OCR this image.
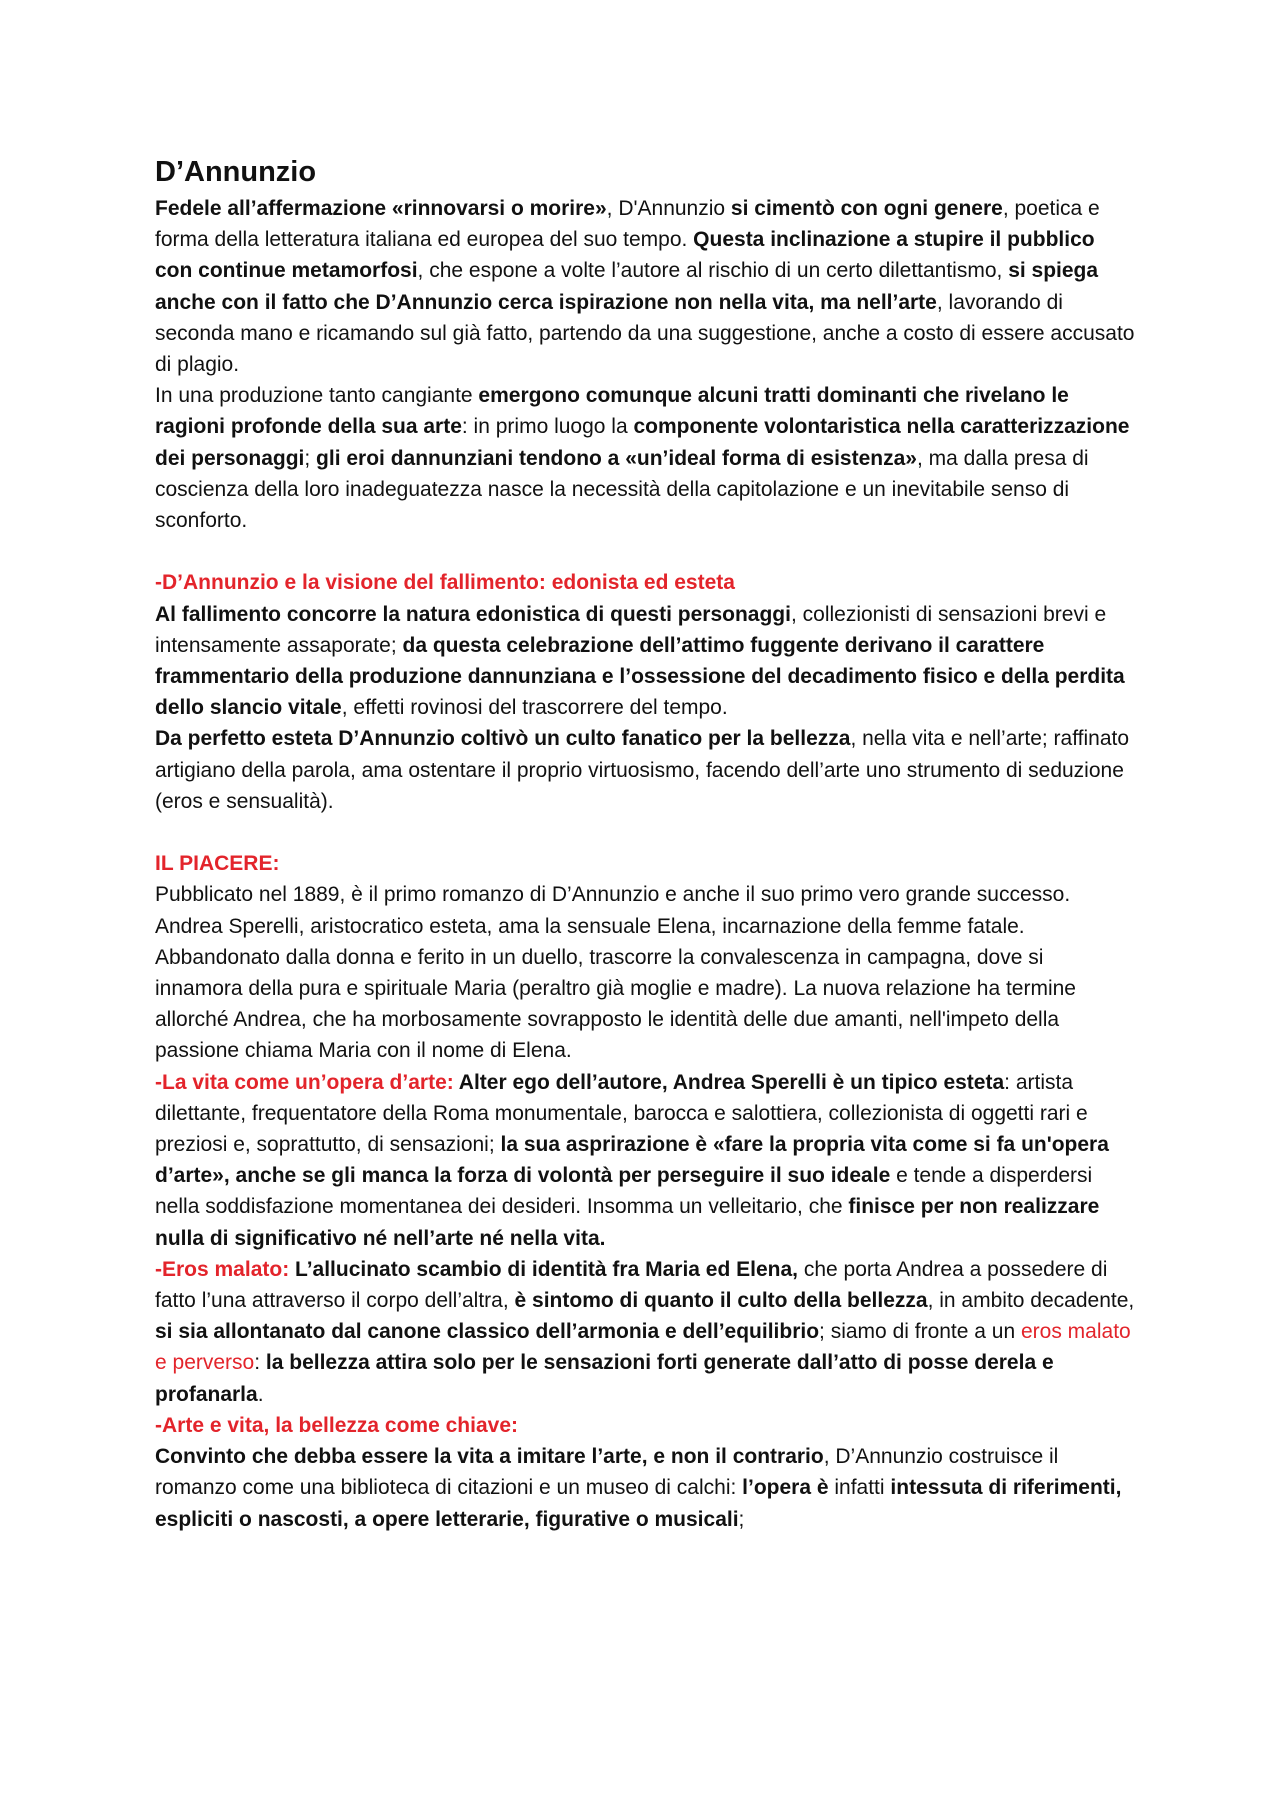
D’Annunzio

Fedele all’affermazione «rinnovarsi o morire», D'Annunzio si cimentò con ogni genere, poetica e forma della letteratura italiana ed europea del suo tempo. Questa inclinazione a stupire il pubblico con continue metamorfosi, che espone a volte l’autore al rischio di un certo dilettantismo, si spiega anche con il fatto che D’Annunzio cerca ispirazione non nella vita, ma nell’arte, lavorando di seconda mano e ricamando sul già fatto, partendo da una suggestione, anche a costo di essere accusato di plagio.

In una produzione tanto cangiante emergono comunque alcuni tratti dominanti che rivelano le ragioni profonde della sua arte: in primo luogo la componente volontaristica nella caratterizzazione dei personaggi; gli eroi dannunziani tendono a «un’ideal forma di esistenza», ma dalla presa di coscienza della loro inadeguatezza nasce la necessità della capitolazione e un inevitabile senso di sconforto.

-D’Annunzio e la visione del fallimento: edonista ed esteta

Al fallimento concorre la natura edonistica di questi personaggi, collezionisti di sensazioni brevi e intensamente assaporate; da questa celebrazione dell’attimo fuggente derivano il carattere frammentario della produzione dannunziana e l’ossessione del decadimento fisico e della perdita dello slancio vitale, effetti rovinosi del trascorrere del tempo.

Da perfetto esteta D’Annunzio coltivò un culto fanatico per la bellezza, nella vita e nell’arte; raffinato artigiano della parola, ama ostentare il proprio virtuosismo, facendo dell’arte uno strumento di seduzione (eros e sensualità).

IL PIACERE:

Pubblicato nel 1889, è il primo romanzo di D’Annunzio e anche il suo primo vero grande successo.

Andrea Sperelli, aristocratico esteta, ama la sensuale Elena, incarnazione della femme fatale. Abbandonato dalla donna e ferito in un duello, trascorre la convalescenza in campagna, dove si innamora della pura e spirituale Maria (peraltro già moglie e madre). La nuova relazione ha termine allorché Andrea, che ha morbosamente sovrapposto le identità delle due amanti, nell'impeto della passione chiama Maria con il nome di Elena.

-La vita come un’opera d’arte: Alter ego dell’autore, Andrea Sperelli è un tipico esteta: artista dilettante, frequentatore della Roma monumentale, barocca e salottiera, collezionista di oggetti rari e preziosi e, soprattutto, di sensazioni; la sua asprirazione è «fare la propria vita come si fa un'opera d’arte», anche se gli manca la forza di volontà per perseguire il suo ideale e tende a disperdersi nella soddisfazione momentanea dei desideri. Insomma un velleitario, che finisce per non realizzare nulla di significativo né nell’arte né nella vita.

-Eros malato: L’allucinato scambio di identità fra Maria ed Elena, che porta Andrea a possedere di fatto l’una attraverso il corpo dell’altra, è sintomo di quanto il culto della bellezza, in ambito decadente, si sia allontanato dal canone classico dell’armonia e dell’equilibrio; siamo di fronte a un eros malato e perverso: la bellezza attira solo per le sensazioni forti generate dall’atto di posse derela e profanarla.

-Arte e vita, la bellezza come chiave:

Convinto che debba essere la vita a imitare l’arte, e non il contrario, D’Annunzio costruisce il romanzo come una biblioteca di citazioni e un museo di calchi: l’opera è infatti intessuta di riferimenti, espliciti o nascosti, a opere letterarie, figurative o musicali;
